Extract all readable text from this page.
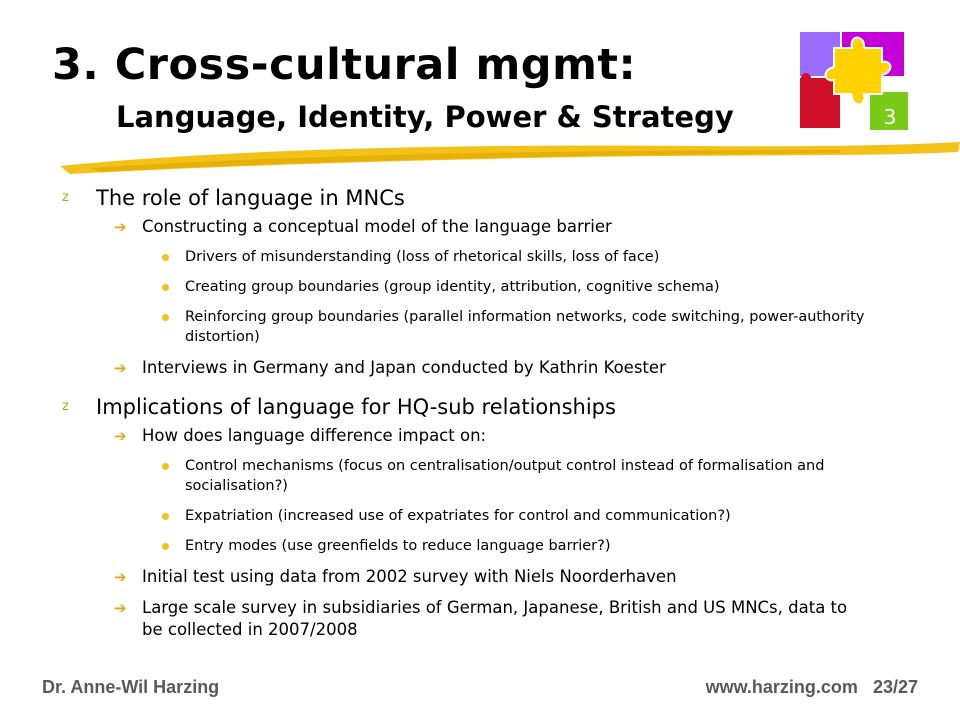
3. Cross-cultural mgmt:
Language, Identity, Power & Strategy	3
z	The role of language in MNCs
➔ Constructing a conceptual model of the language barrier
Drivers of misunderstanding (loss of rhetorical skills, loss of face)
Creating group boundaries (group identity, attribution, cognitive schema)
Reinforcing group boundaries (parallel information networks, code switching, power-authority distortion)
➔ Interviews in Germany and Japan conducted by Kathrin Koester
z	Implications of language for HQ-sub relationships
➔ How does language difference impact on:
Control mechanisms (focus on centralisation/output control instead of formalisation and socialisation?)
Expatriation (increased use of expatriates for control and communication?)
Entry modes (use greenfields to reduce language barrier?)
➔ Initial test using data from 2002 survey with Niels Noorderhaven
➔ Large scale survey in subsidiaries of German, Japanese, British and US MNCs, data to be collected in 2007/2008
Dr. Anne-Wil Harzing	www.harzing.com 23/27
